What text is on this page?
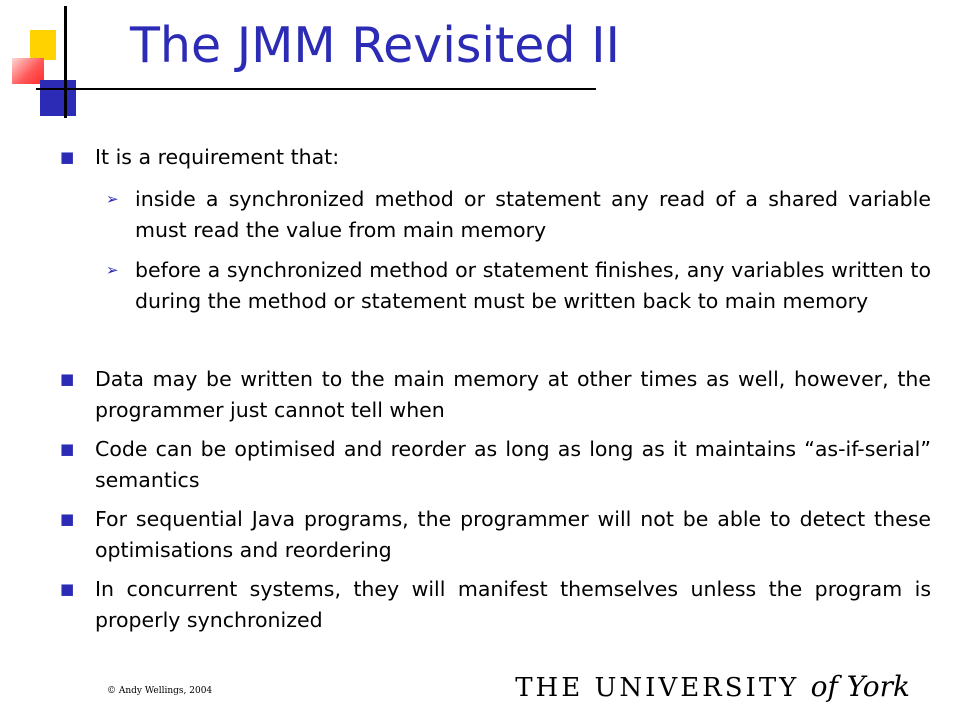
The JMM Revisited II
■ It is a requirement that:
➢ inside a synchronized method or statement any read of a shared variable must read the value from main memory
➢ before a synchronized method or statement finishes, any variables written to during the method or statement must be written back to main memory
■ Data may be written to the main memory at other times as well, however, the programmer just cannot tell when
■ Code can be optimised and reorder as long as long as it maintains “as-if-serial” semantics
■ For sequential Java programs, the programmer will not be able to detect these optimisations and reordering
■ In concurrent systems, they will manifest themselves unless the program is properly synchronized
© Andy Wellings, 2004	THE UNIVERSITY of York
